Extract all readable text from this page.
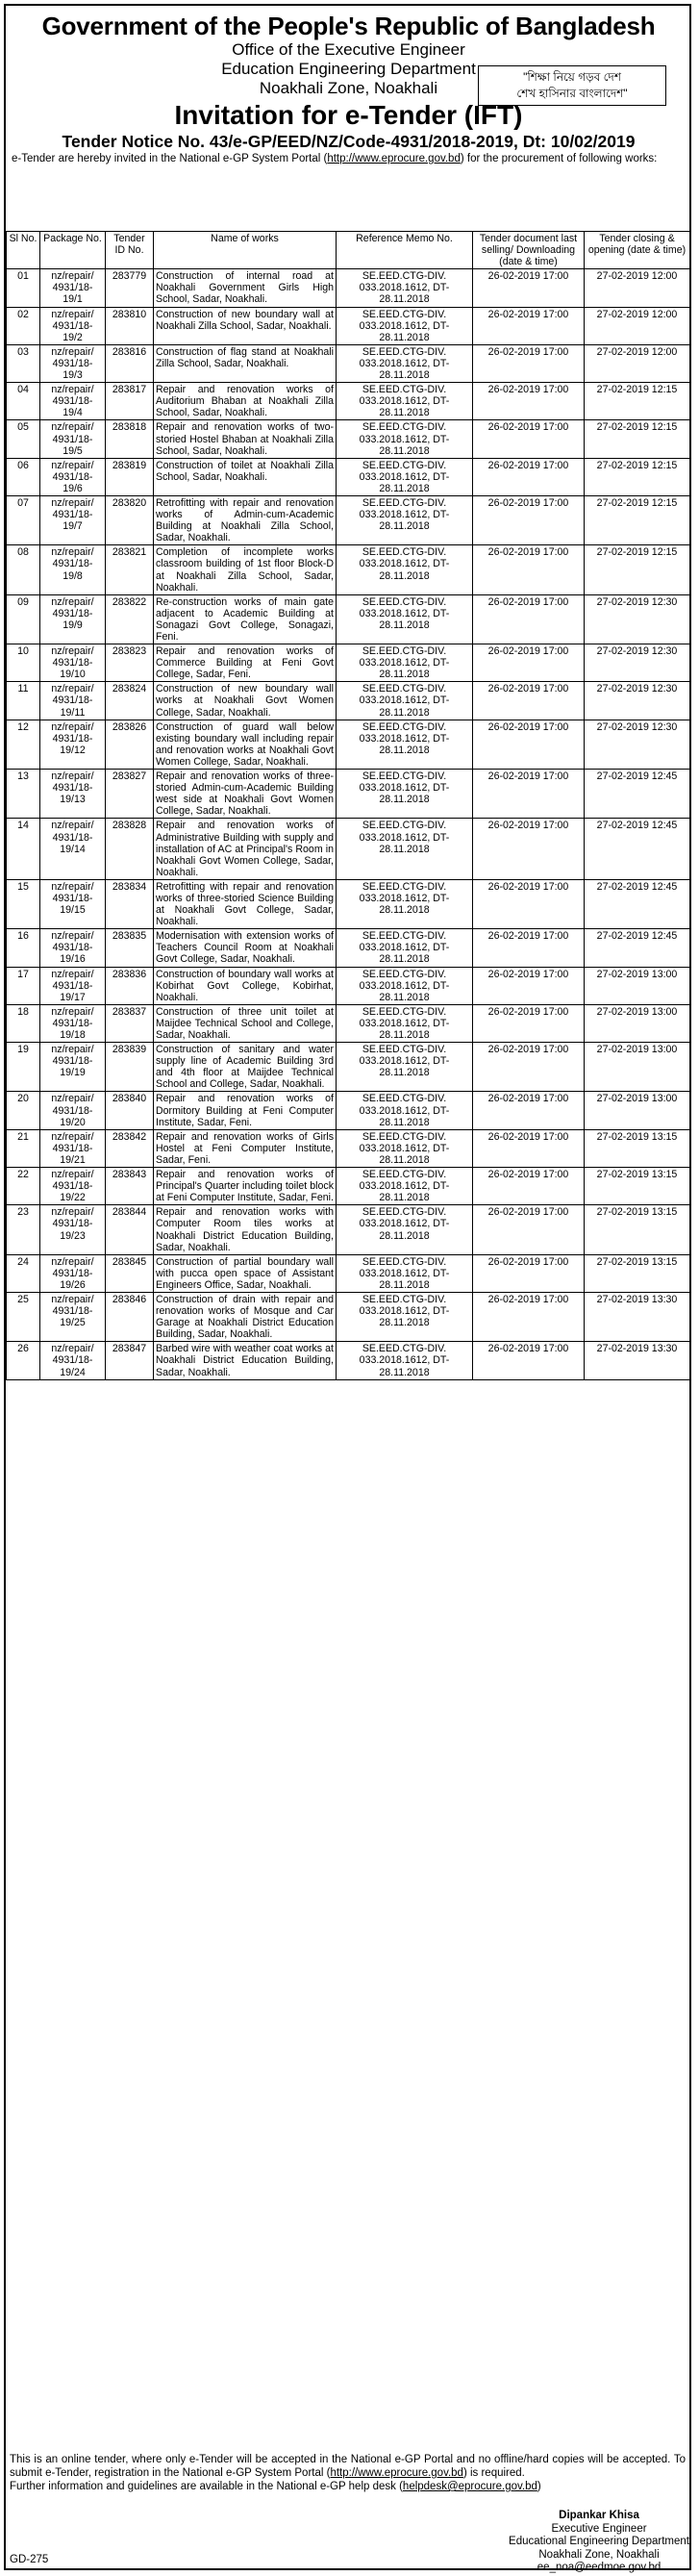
Government of the People's Republic of Bangladesh
Office of the Executive Engineer
Education Engineering Department
Noakhali Zone, Noakhali
Invitation for e-Tender (IFT)
Tender Notice No. 43/e-GP/EED/NZ/Code-4931/2018-2019, Dt: 10/02/2019
e-Tender are hereby invited in the National e-GP System Portal (http://www.eprocure.gov.bd) for the procurement of following works:
"শিক্ষা নিয়ে গড়ব দেশ
শেখ হাসিনার বাংলাদেশ"
Sl No.	Package No.	Tender ID No.	Name of works	Reference Memo No.	Tender document last selling/ Downloading (date & time)	Tender closing & opening (date & time)
01	nz/repair/ 4931/18- 19/1	283779	Construction of internal road at Noakhali Government Girls High School, Sadar, Noakhali.	SE.EED.CTG-DIV. 033.2018.1612, DT-28.11.2018	26-02-2019 17:00	27-02-2019 12:00
02	nz/repair/ 4931/18- 19/2	283810	Construction of new boundary wall at Noakhali Zilla School, Sadar, Noakhali.	SE.EED.CTG-DIV. 033.2018.1612, DT-28.11.2018	26-02-2019 17:00	27-02-2019 12:00
03	nz/repair/ 4931/18- 19/3	283816	Construction of flag stand at Noakhali Zilla School, Sadar, Noakhali.	SE.EED.CTG-DIV. 033.2018.1612, DT-28.11.2018	26-02-2019 17:00	27-02-2019 12:00
04	nz/repair/ 4931/18- 19/4	283817	Repair and renovation works of Auditorium Bhaban at Noakhali Zilla School, Sadar, Noakhali.	SE.EED.CTG-DIV. 033.2018.1612, DT-28.11.2018	26-02-2019 17:00	27-02-2019 12:15
05	nz/repair/ 4931/18- 19/5	283818	Repair and renovation works of two-storied Hostel Bhaban at Noakhali Zilla School, Sadar, Noakhali.	SE.EED.CTG-DIV. 033.2018.1612, DT-28.11.2018	26-02-2019 17:00	27-02-2019 12:15
06	nz/repair/ 4931/18- 19/6	283819	Construction of toilet at Noakhali Zilla School, Sadar, Noakhali.	SE.EED.CTG-DIV. 033.2018.1612, DT-28.11.2018	26-02-2019 17:00	27-02-2019 12:15
07	nz/repair/ 4931/18- 19/7	283820	Retrofitting with repair and renovation works of Admin-cum-Academic Building at Noakhali Zilla School, Sadar, Noakhali.	SE.EED.CTG-DIV. 033.2018.1612, DT-28.11.2018	26-02-2019 17:00	27-02-2019 12:15
08	nz/repair/ 4931/18- 19/8	283821	Completion of incomplete works classroom building of 1st floor Block-D at Noakhali Zilla School, Sadar, Noakhali.	SE.EED.CTG-DIV. 033.2018.1612, DT-28.11.2018	26-02-2019 17:00	27-02-2019 12:15
09	nz/repair/ 4931/18- 19/9	283822	Re-construction works of main gate adjacent to Academic Building at Sonagazi Govt College, Sonagazi, Feni.	SE.EED.CTG-DIV. 033.2018.1612, DT-28.11.2018	26-02-2019 17:00	27-02-2019 12:30
10	nz/repair/ 4931/18- 19/10	283823	Repair and renovation works of Commerce Building at Feni Govt College, Sadar, Feni.	SE.EED.CTG-DIV. 033.2018.1612, DT-28.11.2018	26-02-2019 17:00	27-02-2019 12:30
11	nz/repair/ 4931/18- 19/11	283824	Construction of new boundary wall works at Noakhali Govt Women College, Sadar, Noakhali.	SE.EED.CTG-DIV. 033.2018.1612, DT-28.11.2018	26-02-2019 17:00	27-02-2019 12:30
12	nz/repair/ 4931/18- 19/12	283826	Construction of guard wall below existing boundary wall including repair and renovation works at Noakhali Govt Women College, Sadar, Noakhali.	SE.EED.CTG-DIV. 033.2018.1612, DT-28.11.2018	26-02-2019 17:00	27-02-2019 12:30
13	nz/repair/ 4931/18- 19/13	283827	Repair and renovation works of three-storied Admin-cum-Academic Building west side at Noakhali Govt Women College, Sadar, Noakhali.	SE.EED.CTG-DIV. 033.2018.1612, DT-28.11.2018	26-02-2019 17:00	27-02-2019 12:45
14	nz/repair/ 4931/18- 19/14	283828	Repair and renovation works of Administrative Building with supply and installation of AC at Principal's Room in Noakhali Govt Women College, Sadar, Noakhali.	SE.EED.CTG-DIV. 033.2018.1612, DT-28.11.2018	26-02-2019 17:00	27-02-2019 12:45
15	nz/repair/ 4931/18- 19/15	283834	Retrofitting with repair and renovation works of three-storied Science Building at Noakhali Govt College, Sadar, Noakhali.	SE.EED.CTG-DIV. 033.2018.1612, DT-28.11.2018	26-02-2019 17:00	27-02-2019 12:45
16	nz/repair/ 4931/18- 19/16	283835	Modernisation with extension works of Teachers Council Room at Noakhali Govt College, Sadar, Noakhali.	SE.EED.CTG-DIV. 033.2018.1612, DT-28.11.2018	26-02-2019 17:00	27-02-2019 12:45
17	nz/repair/ 4931/18- 19/17	283836	Construction of boundary wall works at Kobirhat Govt College, Kobirhat, Noakhali.	SE.EED.CTG-DIV. 033.2018.1612, DT-28.11.2018	26-02-2019 17:00	27-02-2019 13:00
18	nz/repair/ 4931/18- 19/18	283837	Construction of three unit toilet at Maijdee Technical School and College, Sadar, Noakhali.	SE.EED.CTG-DIV. 033.2018.1612, DT-28.11.2018	26-02-2019 17:00	27-02-2019 13:00
19	nz/repair/ 4931/18- 19/19	283839	Construction of sanitary and water supply line of Academic Building 3rd and 4th floor at Maijdee Technical School and College, Sadar, Noakhali.	SE.EED.CTG-DIV. 033.2018.1612, DT-28.11.2018	26-02-2019 17:00	27-02-2019 13:00
20	nz/repair/ 4931/18- 19/20	283840	Repair and renovation works of Dormitory Building at Feni Computer Institute, Sadar, Feni.	SE.EED.CTG-DIV. 033.2018.1612, DT-28.11.2018	26-02-2019 17:00	27-02-2019 13:00
21	nz/repair/ 4931/18- 19/21	283842	Repair and renovation works of Girls Hostel at Feni Computer Institute, Sadar, Feni.	SE.EED.CTG-DIV. 033.2018.1612, DT-28.11.2018	26-02-2019 17:00	27-02-2019 13:15
22	nz/repair/ 4931/18- 19/22	283843	Repair and renovation works of Principal's Quarter including toilet block at Feni Computer Institute, Sadar, Feni.	SE.EED.CTG-DIV. 033.2018.1612, DT-28.11.2018	26-02-2019 17:00	27-02-2019 13:15
23	nz/repair/ 4931/18- 19/23	283844	Repair and renovation works with Computer Room tiles works at Noakhali District Education Building, Sadar, Noakhali.	SE.EED.CTG-DIV. 033.2018.1612, DT-28.11.2018	26-02-2019 17:00	27-02-2019 13:15
24	nz/repair/ 4931/18- 19/26	283845	Construction of partial boundary wall with pucca open space of Assistant Engineers Office, Sadar, Noakhali.	SE.EED.CTG-DIV. 033.2018.1612, DT-28.11.2018	26-02-2019 17:00	27-02-2019 13:15
25	nz/repair/ 4931/18- 19/25	283846	Construction of drain with repair and renovation works of Mosque and Car Garage at Noakhali District Education Building, Sadar, Noakhali.	SE.EED.CTG-DIV. 033.2018.1612, DT-28.11.2018	26-02-2019 17:00	27-02-2019 13:30
26	nz/repair/ 4931/18- 19/24	283847	Barbed wire with weather coat works at Noakhali District Education Building, Sadar, Noakhali.	SE.EED.CTG-DIV. 033.2018.1612, DT-28.11.2018	26-02-2019 17:00	27-02-2019 13:30

This is an online tender, where only e-Tender will be accepted in the National e-GP Portal and no offline/hard copies will be accepted. To submit e-Tender, registration in the National e-GP System Portal (http://www.eprocure.gov.bd) is required.

Further information and guidelines are available in the National e-GP help desk (helpdesk@eprocure.gov.bd)

Dipankar Khisa
Executive Engineer
Educational Engineering Department
Noakhali Zone, Noakhali
ee_noa@eedmoe.gov.bd
GD-275
